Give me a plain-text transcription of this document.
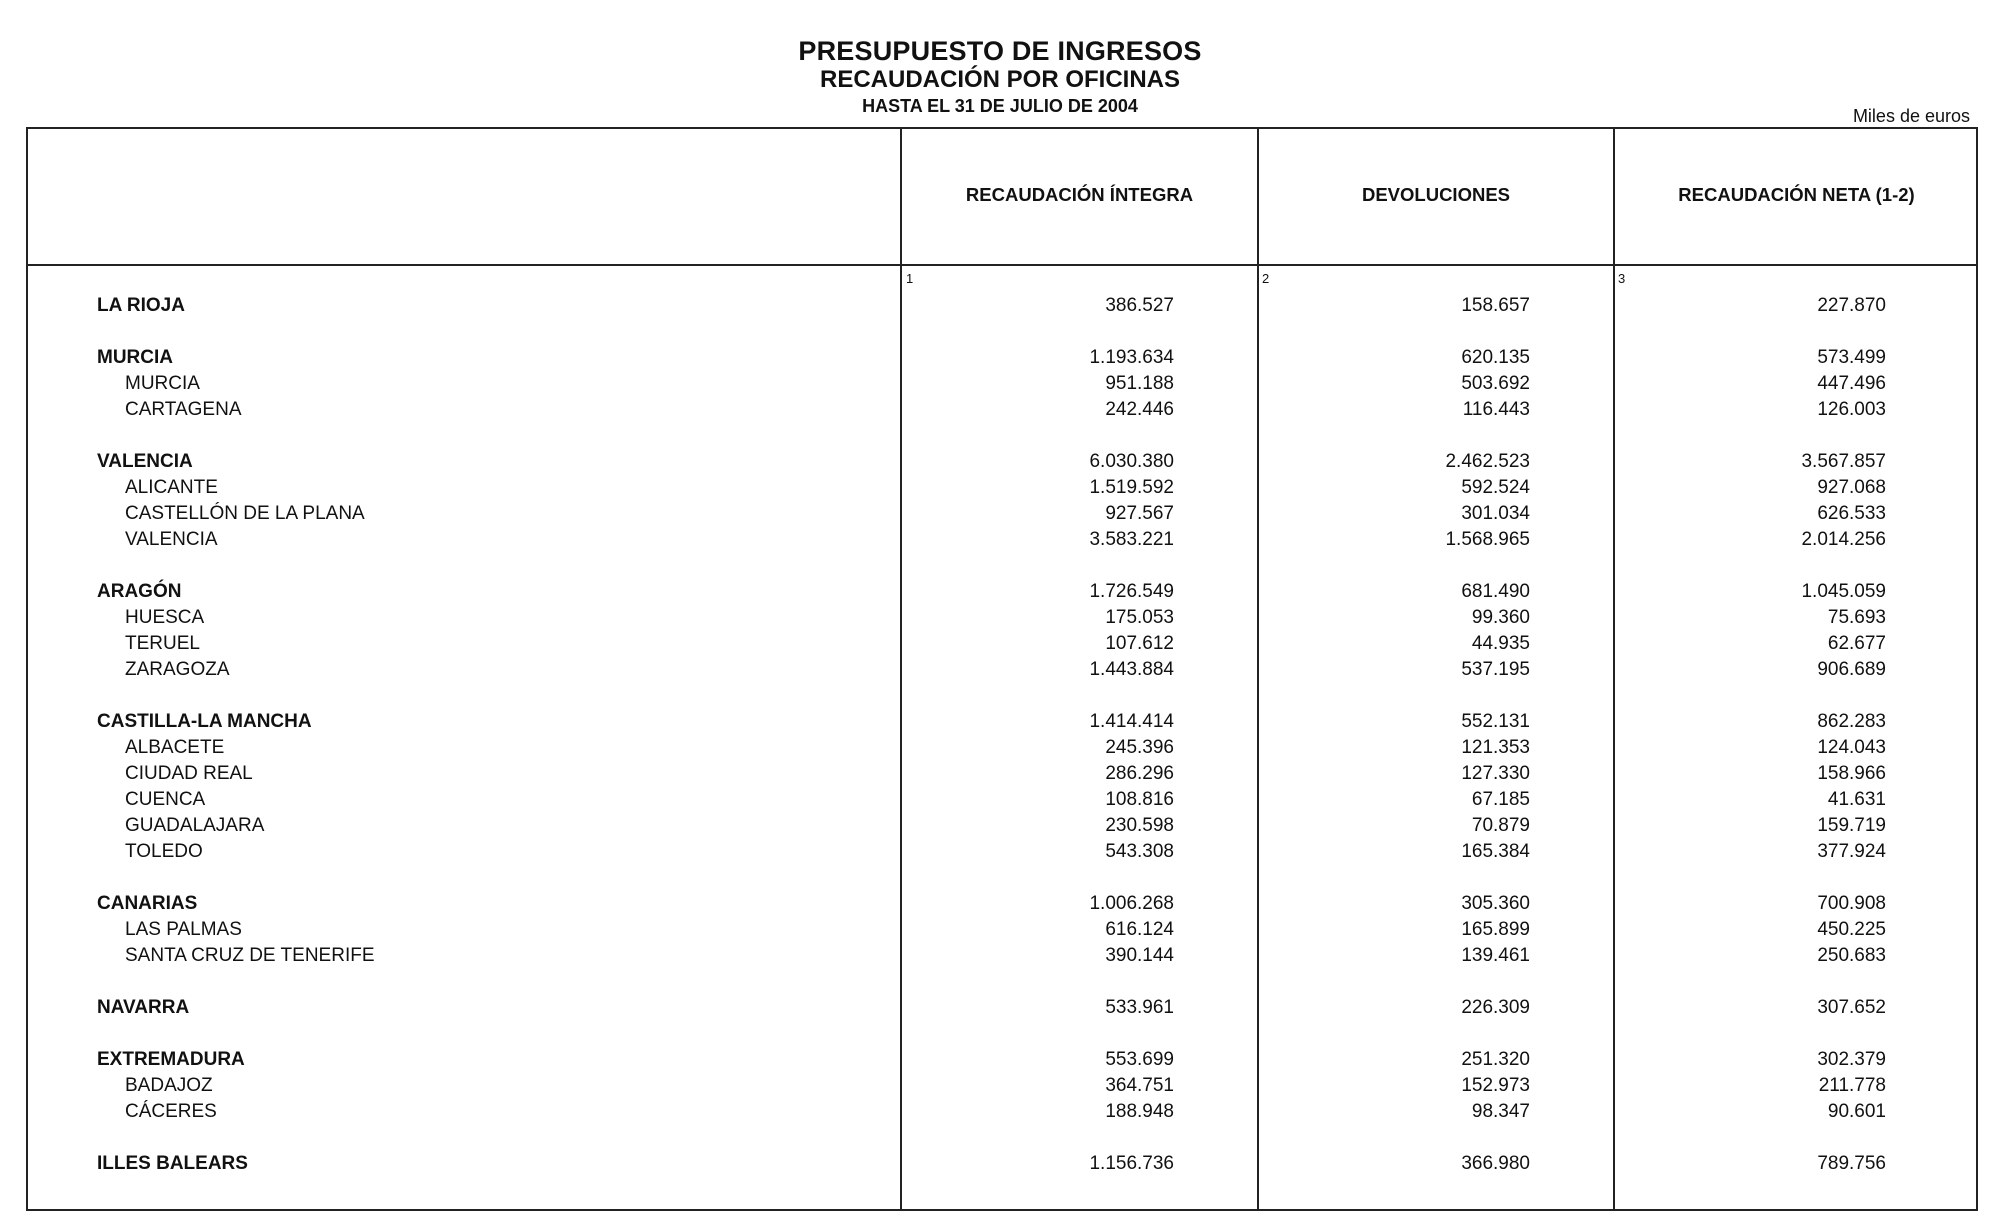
PRESUPUESTO DE INGRESOS
RECAUDACIÓN POR OFICINAS
HASTA EL 31 DE JULIO DE 2004	Miles de euros
RECAUDACIÓN ÍNTEGRA	DEVOLUCIONES	RECAUDACIÓN NETA (1-2)
1	2	3
LA RIOJA	386.527	158.657	227.870
MURCIA	1.193.634	620.135	573.499
MURCIA	951.188	503.692	447.496
CARTAGENA	242.446	116.443	126.003
VALENCIA	6.030.380	2.462.523	3.567.857
ALICANTE	1.519.592	592.524	927.068
CASTELLÓN DE LA PLANA	927.567	301.034	626.533
VALENCIA	3.583.221	1.568.965	2.014.256
ARAGÓN	1.726.549	681.490	1.045.059
HUESCA	175.053	99.360	75.693
TERUEL	107.612	44.935	62.677
ZARAGOZA	1.443.884	537.195	906.689
CASTILLA-LA MANCHA	1.414.414	552.131	862.283
ALBACETE	245.396	121.353	124.043
CIUDAD REAL	286.296	127.330	158.966
CUENCA	108.816	67.185	41.631
GUADALAJARA	230.598	70.879	159.719
TOLEDO	543.308	165.384	377.924
CANARIAS	1.006.268	305.360	700.908
LAS PALMAS	616.124	165.899	450.225
SANTA CRUZ DE TENERIFE	390.144	139.461	250.683
NAVARRA	533.961	226.309	307.652
EXTREMADURA	553.699	251.320	302.379
BADAJOZ	364.751	152.973	211.778
CÁCERES	188.948	98.347	90.601
ILLES BALEARS	1.156.736	366.980	789.756
